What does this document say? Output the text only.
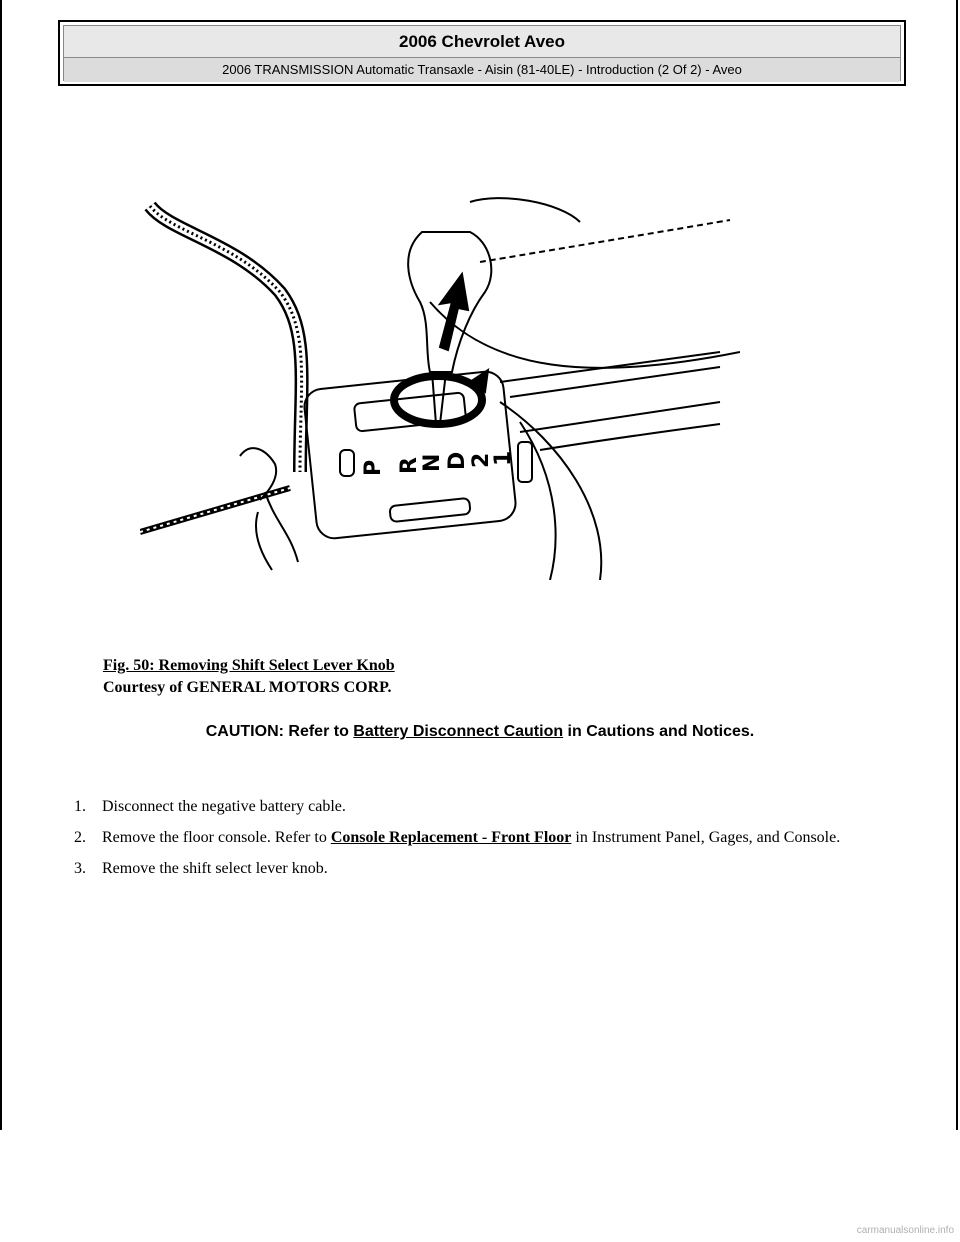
2006 Chevrolet Aveo
2006 TRANSMISSION Automatic Transaxle - Aisin (81-40LE) - Introduction (2 Of 2) - Aveo
P R
N D 2
1
Fig. 50: Removing Shift Select Lever Knob
Courtesy of GENERAL MOTORS CORP.
CAUTION: Refer to Battery Disconnect Caution in Cautions and Notices.
1.	Disconnect the negative battery cable.
2.	Remove the floor console. Refer to Console Replacement - Front Floor in Instrument Panel, Gages, and Console.
3.	Remove the shift select lever knob.
carmanualsonline.info
